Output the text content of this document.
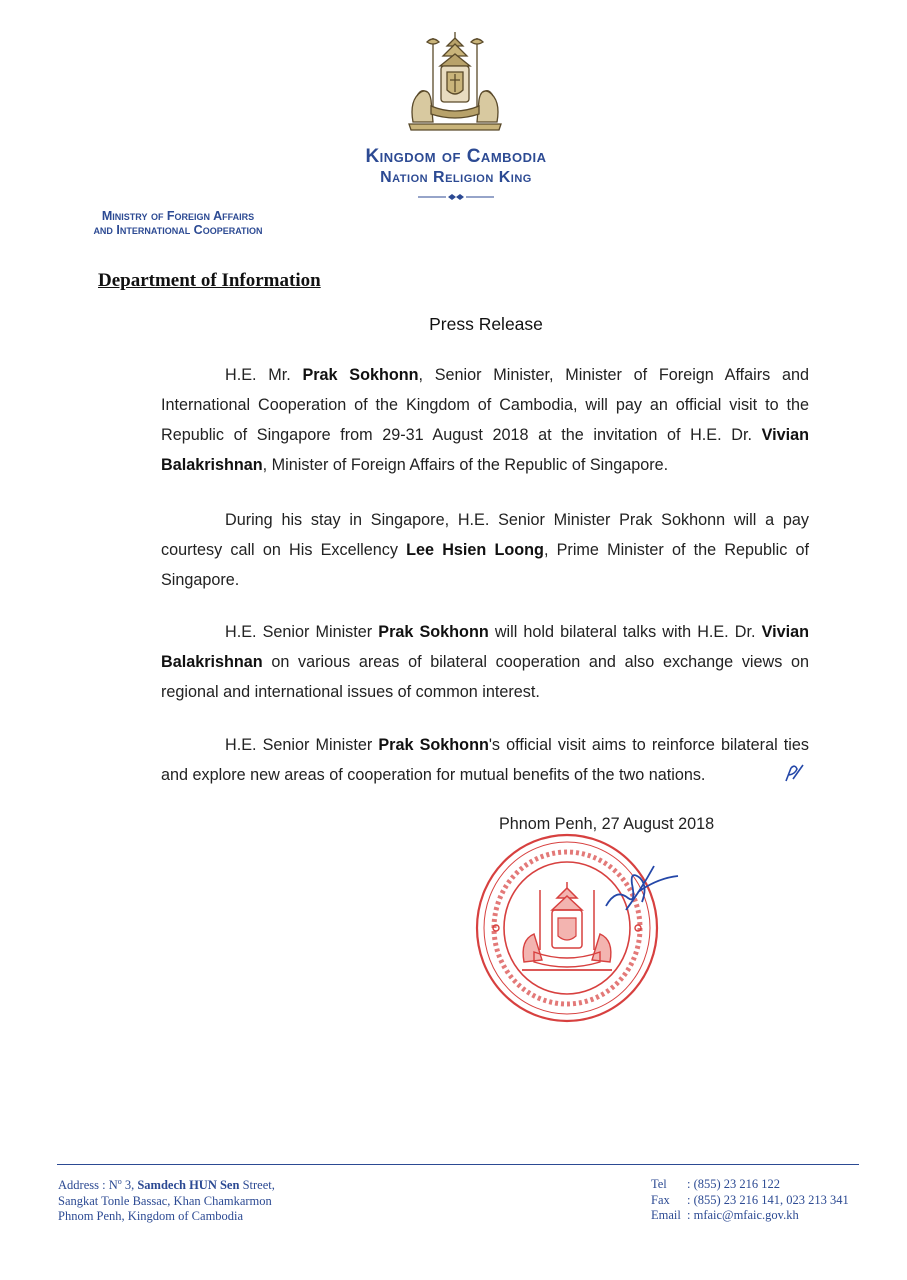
Kingdom of Cambodia
Nation Religion King
Ministry of Foreign Affairs
and International Cooperation
Department of Information
Press Release
H.E. Mr. Prak Sokhonn, Senior Minister, Minister of Foreign Affairs and International Cooperation of the Kingdom of Cambodia, will pay an official visit to the Republic of Singapore from 29-31 August 2018 at the invitation of H.E. Dr. Vivian Balakrishnan, Minister of Foreign Affairs of the Republic of Singapore.
During his stay in Singapore, H.E. Senior Minister Prak Sokhonn will a pay courtesy call on His Excellency Lee Hsien Loong, Prime Minister of the Republic of Singapore.
H.E. Senior Minister Prak Sokhonn will hold bilateral talks with H.E. Dr. Vivian Balakrishnan on various areas of bilateral cooperation and also exchange views on regional and international issues of common interest.
H.E. Senior Minister Prak Sokhonn's official visit aims to reinforce bilateral ties and explore new areas of cooperation for mutual benefits of the two nations.
Phnom Penh, 27 August 2018
Address : $N^o$ 3, Samdech HUN Sen Street,
Sangkat Tonle Bassac, Khan Chamkarmon
Phnom Penh, Kingdom of Cambodia
Tel	: (855) 23 216 122
Fax	: (855) 23 216 141, 023 213 341
Email : mfaic@mfaic.gov.kh
